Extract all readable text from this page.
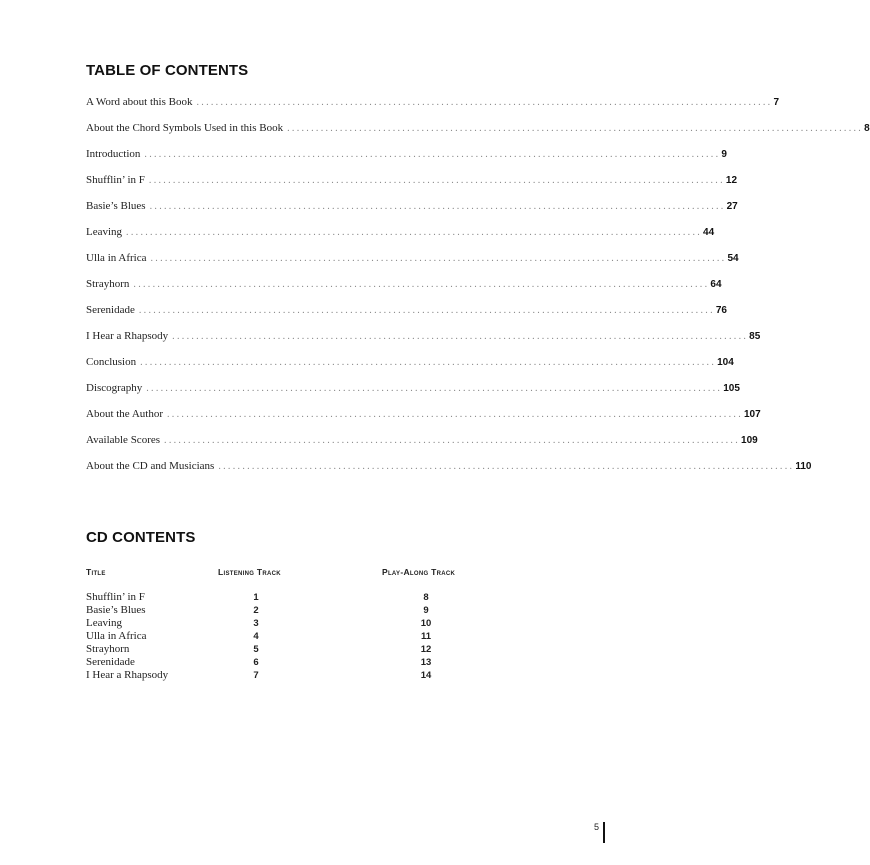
TABLE OF CONTENTS
A Word about this Book ........................................................................................................................ 7
About the Chord Symbols Used in this Book ........................................................................................................................ 8
Introduction ........................................................................................................................ 9
Shufflin’ in F ........................................................................................................................ 12
Basie’s Blues ........................................................................................................................ 27
Leaving ........................................................................................................................ 44
Ulla in Africa ........................................................................................................................ 54
Strayhorn ........................................................................................................................ 64
Serenidade ........................................................................................................................ 76
I Hear a Rhapsody ........................................................................................................................ 85
Conclusion ........................................................................................................................ 104
Discography ........................................................................................................................ 105
About the Author ........................................................................................................................ 107
Available Scores ........................................................................................................................ 109
About the CD and Musicians ........................................................................................................................ 110
CD CONTENTS
Title	Listening Track	Play-Along Track
Shufflin’ in F	1	8
Basie’s Blues	2	9
Leaving	3	10
Ulla in Africa	4	11
Strayhorn	5	12
Serenidade	6	13
I Hear a Rhapsody	7	14
5
